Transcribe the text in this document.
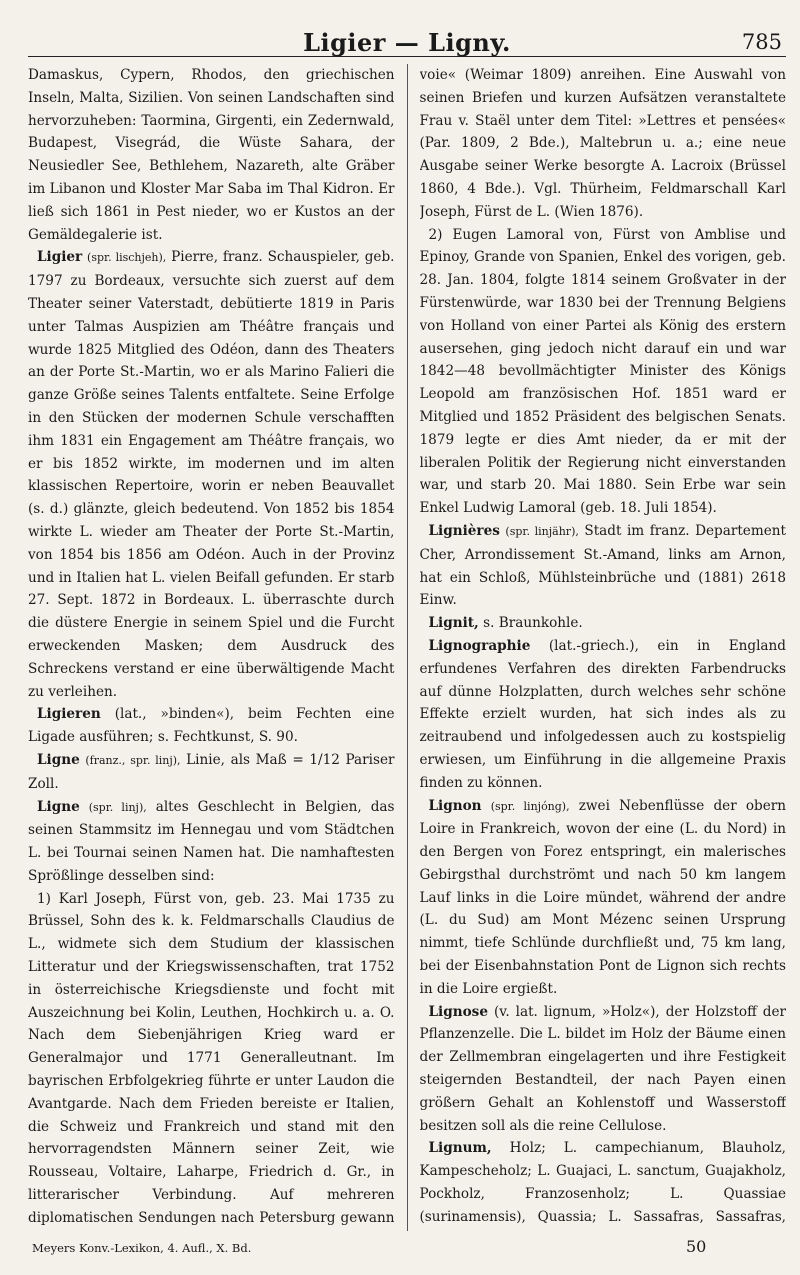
Ligier — Ligny.	785

Damaskus, Cypern, Rhodos, den griechischen Inseln, Malta, Sizilien. Von seinen Landschaften sind hervorzuheben: Taormina, Girgenti, ein Zedernwald, Budapest, Visegrád, die Wüste Sahara, der Neusiedler See, Bethlehem, Nazareth, alte Gräber im Libanon und Kloster Mar Saba im Thal Kidron. Er ließ sich 1861 in Pest nieder, wo er Kustos an der Gemäldegalerie ist.

Ligier (spr. lischjeh), Pierre, franz. Schauspieler, geb. 1797 zu Bordeaux, versuchte sich zuerst auf dem Theater seiner Vaterstadt, debütierte 1819 in Paris unter Talmas Auspizien am Théâtre français und wurde 1825 Mitglied des Odéon, dann des Theaters an der Porte St.-Martin, wo er als Marino Falieri die ganze Größe seines Talents entfaltete. Seine Erfolge in den Stücken der modernen Schule verschafften ihm 1831 ein Engagement am Théâtre français, wo er bis 1852 wirkte, im modernen und im alten klassischen Repertoire, worin er neben Beauvallet (s. d.) glänzte, gleich bedeutend. Von 1852 bis 1854 wirkte L. wieder am Theater der Porte St.-Martin, von 1854 bis 1856 am Odéon. Auch in der Provinz und in Italien hat L. vielen Beifall gefunden. Er starb 27. Sept. 1872 in Bordeaux. L. überraschte durch die düstere Energie in seinem Spiel und die Furcht erweckenden Masken; dem Ausdruck des Schreckens verstand er eine überwältigende Macht zu verleihen.

Ligieren (lat., »binden«), beim Fechten eine Ligade ausführen; s. Fechtkunst, S. 90.

Ligne (franz., spr. linj), Linie, als Maß = 1/12 Pariser Zoll.

Ligne (spr. linj), altes Geschlecht in Belgien, das seinen Stammsitz im Hennegau und vom Städtchen L. bei Tournai seinen Namen hat. Die namhaftesten Sprößlinge desselben sind:

1) Karl Joseph, Fürst von, geb. 23. Mai 1735 zu Brüssel, Sohn des k. k. Feldmarschalls Claudius de L., widmete sich dem Studium der klassischen Litteratur und der Kriegswissenschaften, trat 1752 in österreichische Kriegsdienste und focht mit Auszeichnung bei Kolin, Leuthen, Hochkirch u. a. O. Nach dem Siebenjährigen Krieg ward er Generalmajor und 1771 Generalleutnant. Im bayrischen Erbfolgekrieg führte er unter Laudon die Avantgarde. Nach dem Frieden bereiste er Italien, die Schweiz und Frankreich und stand mit den hervorragendsten Männern seiner Zeit, wie Rousseau, Voltaire, Laharpe, Friedrich d. Gr., in litterarischer Verbindung. Auf mehreren diplomatischen Sendungen nach Petersburg gewann

voie« (Weimar 1809) anreihen. Eine Auswahl von seinen Briefen und kurzen Aufsätzen veranstaltete Frau v. Staël unter dem Titel: »Lettres et pensées« (Par. 1809, 2 Bde.), Maltebrun u. a.; eine neue Ausgabe seiner Werke besorgte A. Lacroix (Brüssel 1860, 4 Bde.). Vgl. Thürheim, Feldmarschall Karl Joseph, Fürst de L. (Wien 1876).

2) Eugen Lamoral von, Fürst von Amblise und Epinoy, Grande von Spanien, Enkel des vorigen, geb. 28. Jan. 1804, folgte 1814 seinem Großvater in der Fürstenwürde, war 1830 bei der Trennung Belgiens von Holland von einer Partei als König des erstern ausersehen, ging jedoch nicht darauf ein und war 1842—48 bevollmächtigter Minister des Königs Leopold am französischen Hof. 1851 ward er Mitglied und 1852 Präsident des belgischen Senats. 1879 legte er dies Amt nieder, da er mit der liberalen Politik der Regierung nicht einverstanden war, und starb 20. Mai 1880. Sein Erbe war sein Enkel Ludwig Lamoral (geb. 18. Juli 1854).

Lignières (spr. linjähr), Stadt im franz. Departement Cher, Arrondissement St.-Amand, links am Arnon, hat ein Schloß, Mühlsteinbrüche und (1881) 2618 Einw.

Lignit, s. Braunkohle.

Lignographie (lat.-griech.), ein in England erfundenes Verfahren des direkten Farbendrucks auf dünne Holzplatten, durch welches sehr schöne Effekte erzielt wurden, hat sich indes als zu zeitraubend und infolgedessen auch zu kostspielig erwiesen, um Einführung in die allgemeine Praxis finden zu können.

Lignon (spr. linjóng), zwei Nebenflüsse der obern Loire in Frankreich, wovon der eine (L. du Nord) in den Bergen von Forez entspringt, ein malerisches Gebirgsthal durchströmt und nach 50 km langem Lauf links in die Loire mündet, während der andre (L. du Sud) am Mont Mézenc seinen Ursprung nimmt, tiefe Schlünde durchfließt und, 75 km lang, bei der Eisenbahnstation Pont de Lignon sich rechts in die Loire ergießt.

Lignose (v. lat. lignum, »Holz«), der Holzstoff der Pflanzenzelle. Die L. bildet im Holz der Bäume einen der Zellmembran eingelagerten und ihre Festigkeit steigernden Bestandteil, der nach Payen einen größern Gehalt an Kohlenstoff und Wasserstoff besitzen soll als die reine Cellulose.

Lignum, Holz; L. campechianum, Blauholz, Kampescheholz; L. Guajaci, L. sanctum, Guajakholz, Pockholz, Franzosenholz; L. Quassiae (surinamensis), Quassia; L. Sassafras, Sassafras,

Meyers Konv.-Lexikon, 4. Aufl., X. Bd.	50
